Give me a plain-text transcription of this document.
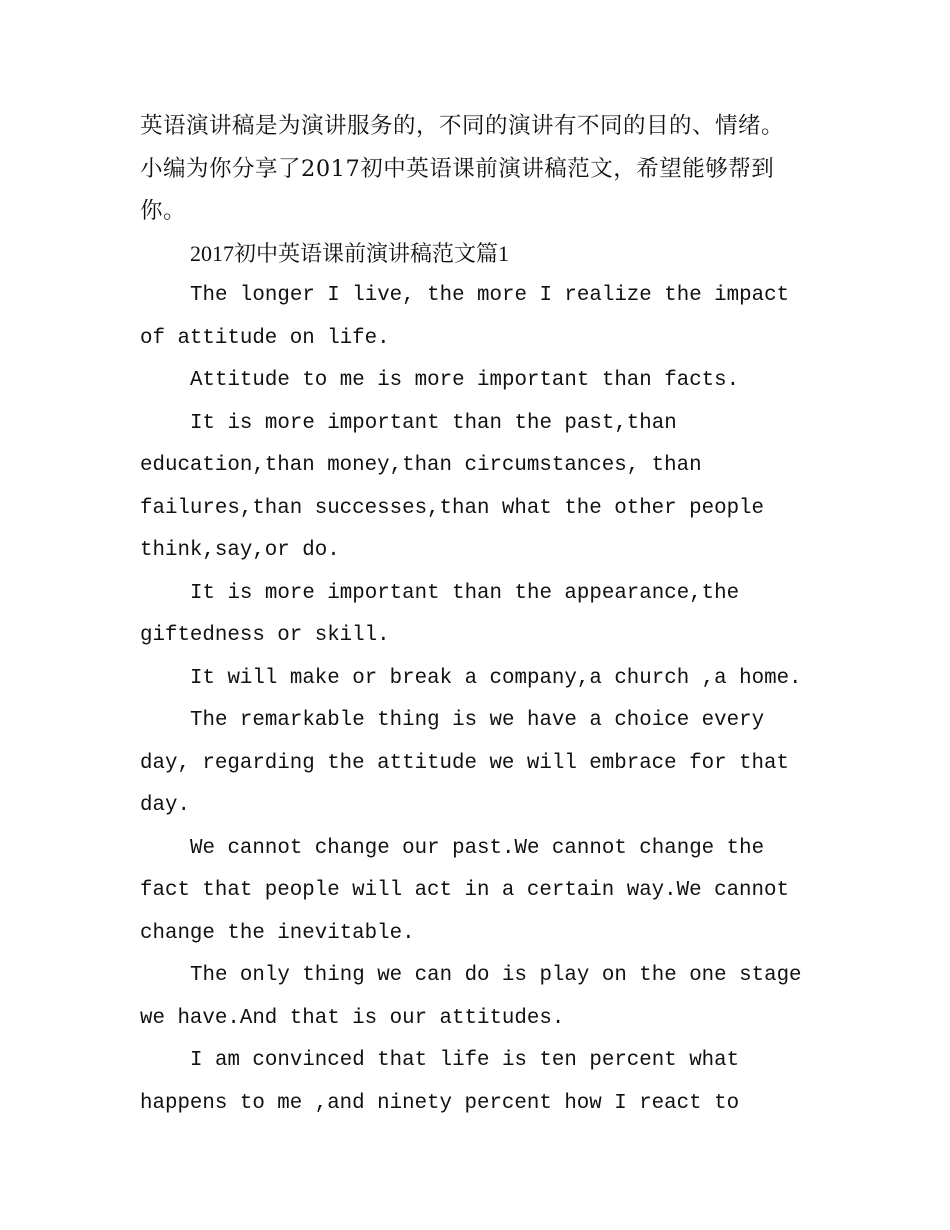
英语演讲稿是为演讲服务的，不同的演讲有不同的目的、情绪。小编为你分享了2017初中英语课前演讲稿范文，希望能够帮到你。

2017初中英语课前演讲稿范文篇1

The longer I live, the more I realize the impact of attitude on life.

Attitude to me is more important than facts.

It is more important than the past,than education,than money,than circumstances, than failures,than successes,than what the other people think,say,or do.

It is more important than the appearance,the giftedness or skill.

It will make or break a company,a church ,a home.

The remarkable thing is we have a choice every day, regarding the attitude we will embrace for that day.

We cannot change our past.We cannot change the fact that people will act in a certain way.We cannot change the inevitable.

The only thing we can do is play on the one stage we have.And that is our attitudes.

I am convinced that life is ten percent what happens to me ,and ninety percent how I react to
